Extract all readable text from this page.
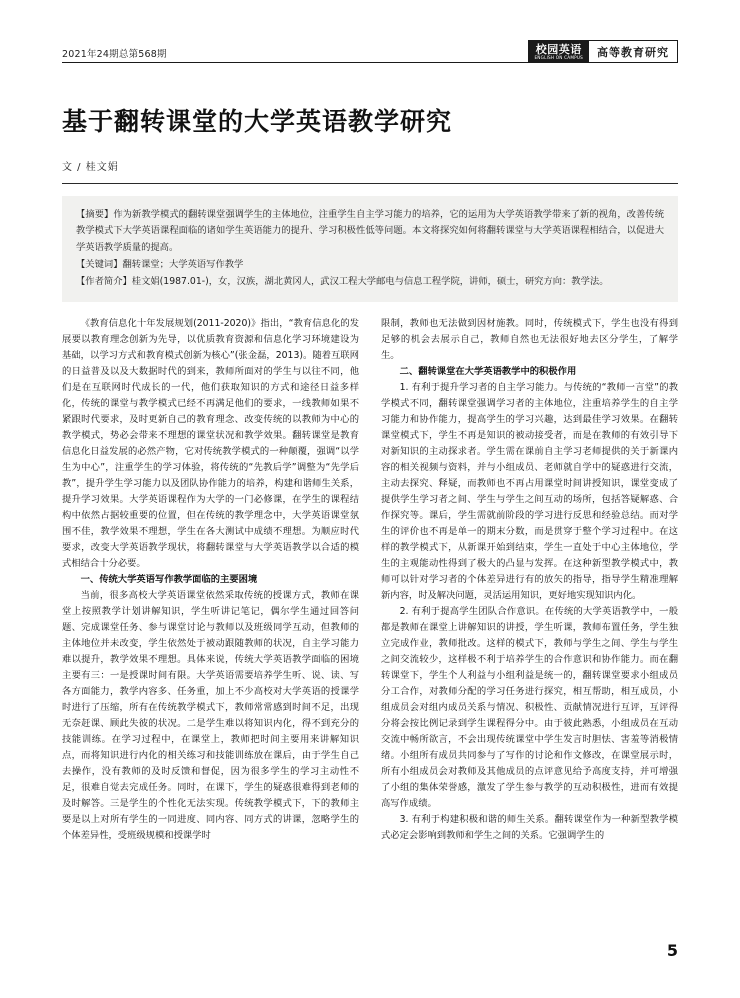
2021年24期总第568期	校园英语
ENGLISH ON CAMPUS	高等教育研究
基于翻转课堂的大学英语教学研究
文 / 桂文娟

【摘要】作为新教学模式的翻转课堂强调学生的主体地位，注重学生自主学习能力的培养，它的运用为大学英语教学带来了新的视角，改善传统教学模式下大学英语课程面临的诸如学生英语能力的提升、学习积极性低等问题。本文将探究如何将翻转课堂与大学英语课程相结合，以促进大学英语教学质量的提高。

【关键词】翻转课堂；大学英语写作教学

【作者简介】桂文娟(1987.01-)，女，汉族，湖北黄冈人，武汉工程大学邮电与信息工程学院，讲师，硕士，研究方向：教学法。

《教育信息化十年发展规划(2011-2020)》指出，“教育信息化的发展要以教育理念创新为先导，以优质教育资源和信息化学习环境建设为基础，以学习方式和教育模式创新为核心”(张金磊，2013)。随着互联网的日益普及以及大数据时代的到来，教师所面对的学生与以往不同，他们是在互联网时代成长的一代，他们获取知识的方式和途径日益多样化，传统的课堂与教学模式已经不再满足他们的要求，一线教师如果不紧跟时代要求，及时更新自己的教育理念、改变传统的以教师为中心的教学模式，势必会带来不理想的课堂状况和教学效果。翻转课堂是教育信息化日益发展的必然产物，它对传统教学模式的一种颠覆，强调“以学生为中心”，注重学生的学习体验，将传统的“先教后学”调整为“先学后教”，提升学生学习能力以及团队协作能力的培养，构建和谐师生关系，提升学习效果。大学英语课程作为大学的一门必修课，在学生的课程结构中依然占据较重要的位置，但在传统的教学理念中，大学英语课堂氛围不佳，教学效果不理想，学生在各大测试中成绩不理想。为顺应时代要求，改变大学英语教学现状，将翻转课堂与大学英语教学以合适的模式相结合十分必要。

一、传统大学英语写作教学面临的主要困境

当前，很多高校大学英语课堂依然采取传统的授课方式，教师在课堂上按照教学计划讲解知识，学生听讲记笔记，偶尔学生通过回答问题、完成课堂任务、参与课堂讨论与教师以及班级同学互动，但教师的主体地位并未改变，学生依然处于被动跟随教师的状况，自主学习能力难以提升，教学效果不理想。具体来说，传统大学英语教学面临的困境主要有三：一是授课时间有限。大学英语需要培养学生听、说、读、写各方面能力，教学内容多、任务重，加上不少高校对大学英语的授课学时进行了压缩，所有在传统教学模式下，教师常常感到时间不足，出现无奈赶课、顾此失彼的状况。二是学生难以将知识内化，得不到充分的技能训练。在学习过程中，在课堂上，教师把时间主要用来讲解知识点，而将知识进行内化的相关练习和技能训练放在课后，由于学生自己去操作，没有教师的及时反馈和督促，因为很多学生的学习主动性不足，很难自觉去完成任务。同时，在课下，学生的疑惑很难得到老师的及时解答。三是学生的个性化无法实现。传统教学模式下，下的教师主要是以上对所有学生的一同进度、同内容、同方式的讲课，忽略学生的个体差异性，受班级规模和授课学时

限制，教师也无法做到因材施教。同时，传统模式下，学生也没有得到足够的机会去展示自己，教师自然也无法很好地去区分学生，了解学生。

二、翻转课堂在大学英语教学中的积极作用

1. 有利于提升学习者的自主学习能力。与传统的“教师一言堂”的教学模式不同，翻转课堂强调学习者的主体地位，注重培养学生的自主学习能力和协作能力，提高学生的学习兴趣，达到最佳学习效果。在翻转课堂模式下，学生不再是知识的被动接受者，而是在教师的有效引导下对新知识的主动探求者。学生需在课前自主学习老师提供的关于新课内容的相关视频与资料，并与小组成员、老师就自学中的疑惑进行交流，主动去探究、释疑，而教师也不再占用课堂时间讲授知识，课堂变成了提供学生学习者之间、学生与学生之间互动的场所，包括答疑解惑、合作探究等。课后，学生需就前阶段的学习进行反思和经验总结。而对学生的评价也不再是单一的期末分数，而是贯穿于整个学习过程中。在这样的教学模式下，从新课开始到结束，学生一直处于中心主体地位，学生的主观能动性得到了极大的凸显与发挥。在这种新型教学模式中，教师可以针对学习者的个体差异进行有的放矢的指导，指导学生精准理解新内容，时及解决问题，灵活运用知识，更好地实现知识内化。

2. 有利于提高学生团队合作意识。在传统的大学英语教学中，一般都是教师在课堂上讲解知识的讲授，学生听课，教师布置任务，学生独立完成作业，教师批改。这样的模式下，教师与学生之间、学生与学生之间交流较少，这样极不利于培养学生的合作意识和协作能力。而在翻转课堂下，学生个人利益与小组利益是统一的，翻转课堂要求小组成员分工合作，对教师分配的学习任务进行探究，相互帮助，相互成员，小组成员会对组内成员关系与情况、积极性、贡献情况进行互评，互评得分将会按比例记录到学生课程得分中。由于彼此熟悉，小组成员在互动交流中畅所欲言，不会出现传统课堂中学生发言时胆怯、害羞等消极情绪。小组所有成员共同参与了写作的讨论和作文修改，在课堂展示时，所有小组成员会对教师及其他成员的点评意见给予高度支持，并可增强了小组的集体荣誉感，激发了学生参与教学的互动积极性，进而有效提高写作成绩。

3. 有利于构建积极和谐的师生关系。翻转课堂作为一种新型教学模式必定会影响到教师和学生之间的关系。它强调学生的

5
